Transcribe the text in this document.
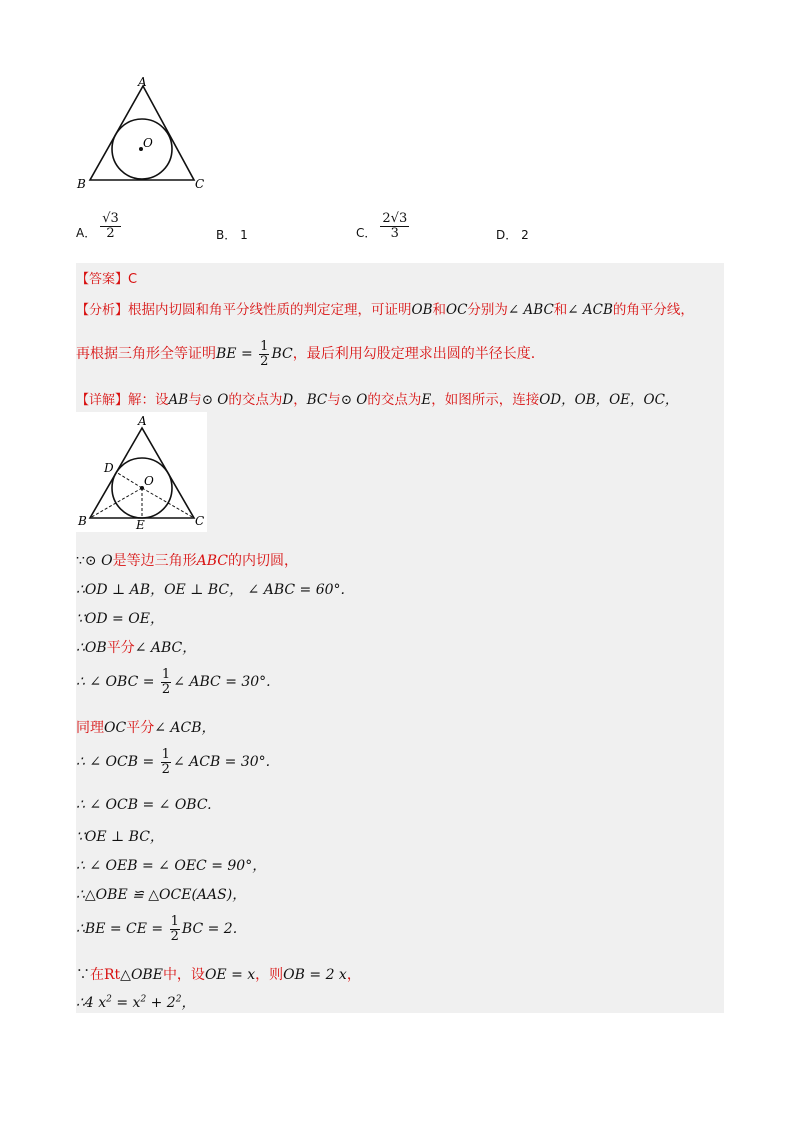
A
O
B	C
A． $\frac{√3}{2}$	B． 1	C． $\frac{2√3}{3}$	D． 2
【答案】C
【分析】根据内切圆和角平分线性质的判定定理，可证明OB和OC分别为∠ ABC和∠ ACB的角平分线，
再根据三角形全等证明BE = $\frac{1}{2}$ BC，最后利用勾股定理求出圆的半径长度.
【详解】解：设AB与⊙ O的交点为D，BC与⊙ O的交点为E，如图所示，连接OD，OB，OE，OC，
A
D
O
B	E	C
∵⊙ O是等边三角形ABC的内切圆，
∴OD ⊥ AB，OE ⊥ BC， ∠ ABC = 60°.
∵OD = OE，
∴OB平分∠ ABC，
∴ ∠ OBC = $\frac{1}{2}$ ∠ ABC = 30°.
同理OC平分∠ ACB，
∴ ∠ OCB = $\frac{1}{2}$ ∠ ACB = 30°.
∴ ∠ OCB = ∠ OBC.
∵OE ⊥ BC，
∴ ∠ OEB = ∠ OEC = 90°，
∴△OBE ≌ △OCE(AAS)，
∴BE = CE = $\frac{1}{2}$ BC = 2.
∵在Rt△OBE中，设OE = x，则OB = 2 x，
∴4 $x^2 = x^2 + 2^2$，
